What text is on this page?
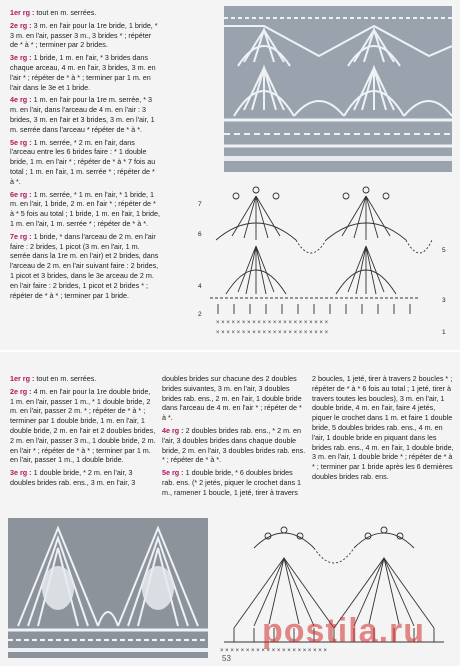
1er rg : tout en m. serrées.

2e rg : 3 m. en l'air pour la 1re bride, 1 bride, * 3 m. en l'air, passer 3 m., 3 brides * ; répéter de * à * ; terminer par 2 brides.

3e rg : 1 bride, 1 m. en l'air, * 3 brides dans chaque arceau, 4 m. en l'air, 3 brides, 3 m. en l'air * ; répéter de * à * ; terminer par 1 m. en l'air dans le 3e et 1 bride.

4e rg : 1 m. en l'air pour la 1re m. serrée, * 3 m. en l'air, dans l'arceau de 4 m. en l'air : 3 brides, 3 m. en l'air et 3 brides, 3 m. en l'air, 1 m. serrée dans l'arceau * répéter de * à *.

5e rg : 1 m. serrée, * 2 m. en l'air, dans l'arceau entre les 6 brides faire : * 1 double bride, 1 m. en l'air * ; répéter de * à * 7 fois au total ; 1 m. en l'air, 1 m. serrée * ; répéter de * à *.

6e rg : 1 m. serrée, * 1 m. en l'air, * 1 bride, 1 m. en l'air, 1 bride, 2 m. en l'air * ; répéter de * à * 5 fois au total ; 1 bride, 1 m. en l'air, 1 bride, 1 m. en l'air, 1 m. serrée * ; répéter de * à *.

7e rg : 1 bride, * dans l'arceau de 2 m. en l'air faire : 2 brides, 1 picot (3 m. en l'air, 1 m. serrée dans la 1re m. en l'air) et 2 brides, dans l'arceau de 2 m. en l'air suivant faire : 2 brides, 1 picot et 3 brides, dans le 3e arceau de 2 m. en l'air faire : 2 brides, 1 picot et 2 brides * ; répéter de * à * ; terminer par 1 bride.

× × × × × × × × × × × × × × × × × × × × × ×
× × × × × × × × × × × × × × × × × × × × × ×
7
6
5
4
3
2
1

1er rg : tout en m. serrées.

2e rg : 4 m. en l'air pour la 1re double bride, 1 m. en l'air, passer 1 m., * 1 double bride, 2 m. en l'air, passer 2 m. * ; répéter de * à * ; terminer par 1 double bride, 1 m. en l'air, 1 double bride, 2 m. en l'air et 2 doubles brides, 2 m. en l'air, passer 3 m., 1 double bride, 2 m. en l'air * ; répéter de * à * ; terminer par 1 m. en l'air, passer 1 m., 1 double bride.

3e rg : 1 double bride, * 2 m. en l'air, 3 doubles brides rab. ens., 3 m. en l'air, 3

doubles brides sur chacune des 2 doubles brides suivantes, 3 m. en l'air, 3 doubles brides rab. ens., 2 m. en l'air, 1 double bride dans l'arceau de 4 m. en l'air * ; répéter de * à *.

4e rg : 2 doubles brides rab. ens., * 2 m. en l'air, 3 doubles brides dans chaque double bride, 2 m. en l'air, 3 doubles brides rab. ens. * ; répéter de * à *.

5e rg : 1 double bride, * 6 doubles brides rab. ens. (* 2 jetés, piquer le crochet dans 1 m., ramener 1 boucle, 1 jeté, tirer à travers

2 boucles, 1 jeté, tirer à travers 2 boucles * ; répéter de * à * 6 fois au total ; 1 jeté, tirer à travers toutes les boucles), 3 m. en l'air, 1 double bride, 4 m. en l'air, faire 4 jetés, piquer le crochet dans 1 m. et faire 1 double bride, 5 doubles brides rab. ens., 4 m. en l'air, 1 double bride en piquant dans les brides rab. ens., 4 m. en l'air, 1 double bride, 3 m. en l'air, 1 double bride * ; répéter de * à * ; terminer par 1 bride après les 6 dernières doubles brides rab. ens.

× × × × × × × × × × × × × × × × × × × × ×
postila.ru
53
